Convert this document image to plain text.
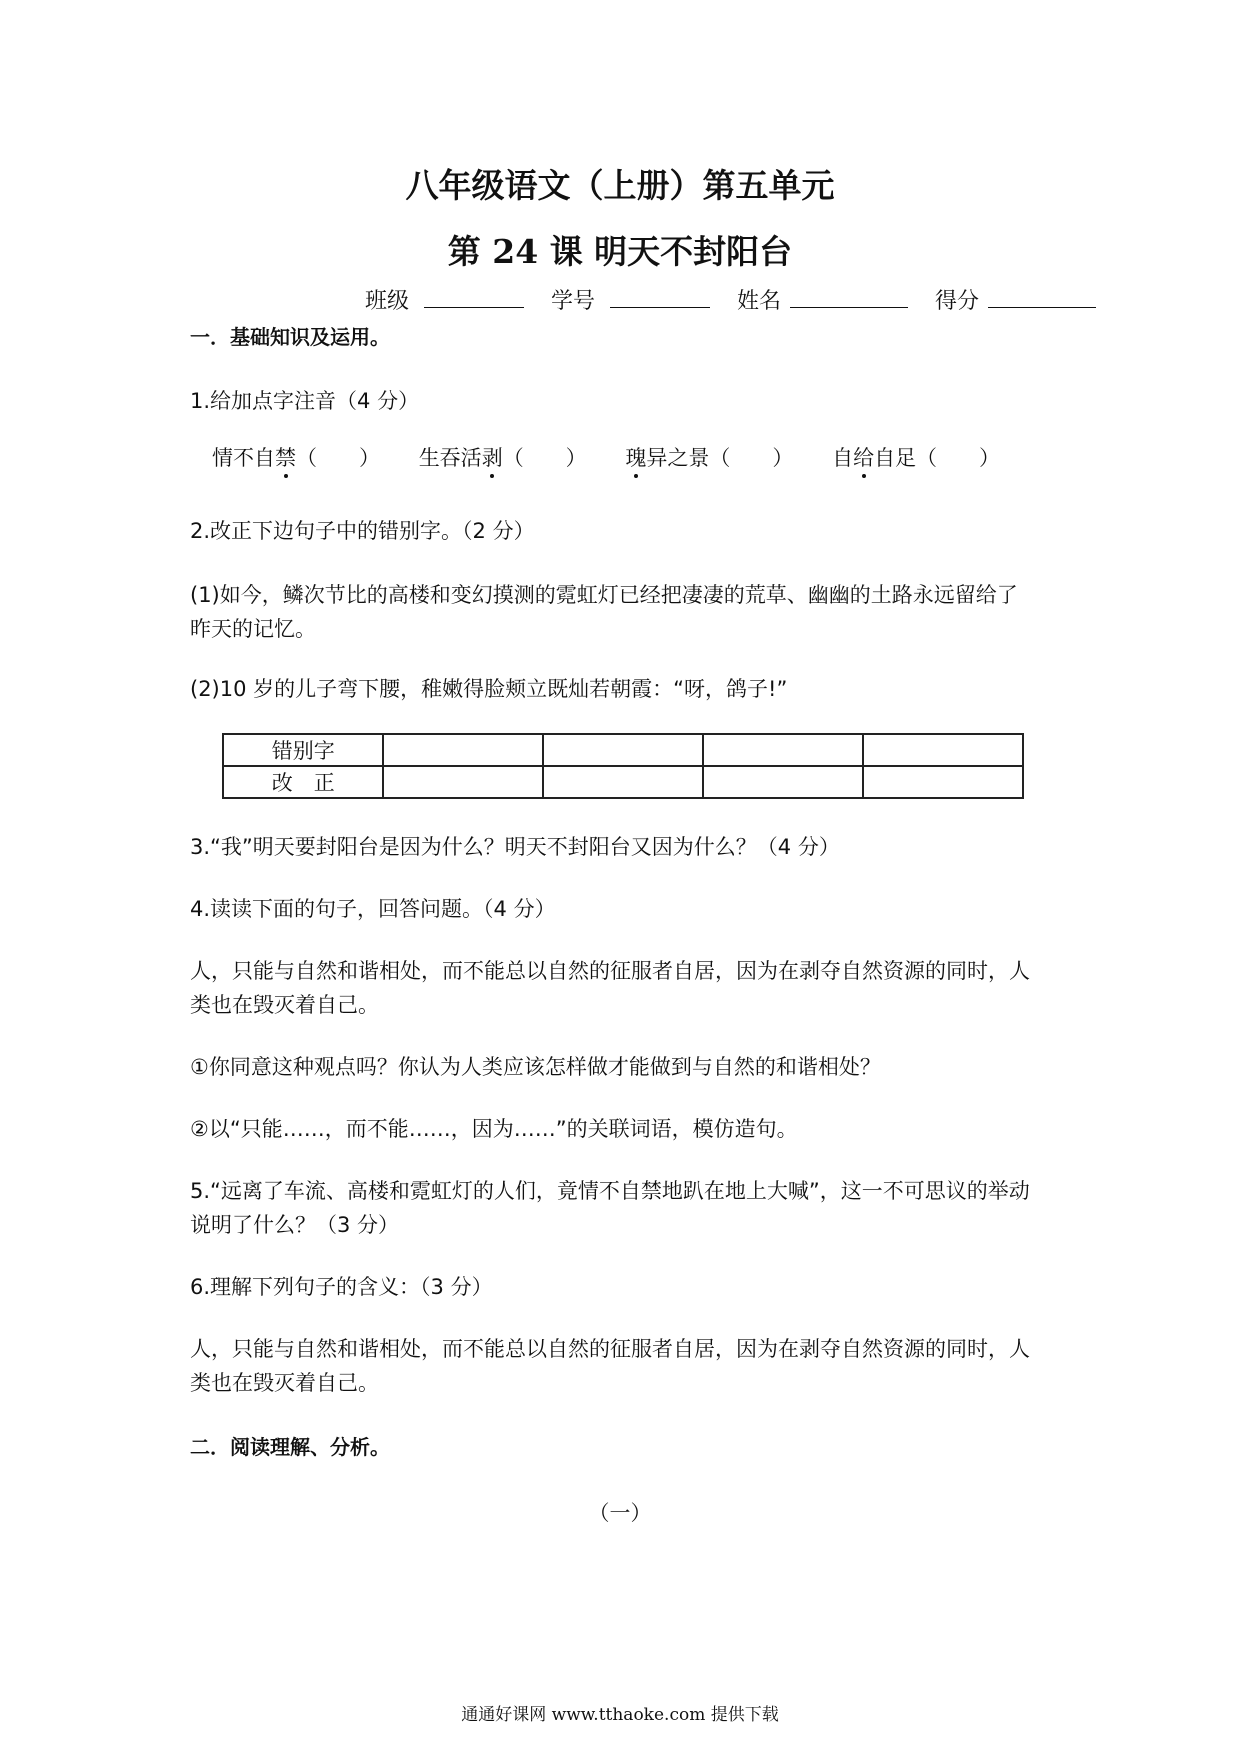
八年级语文（上册）第五单元
第 24 课 明天不封阳台
班级	学号	姓名	得分
一．基础知识及运用。
1.给加点字注音（4 分）
情不自禁（　　） 生吞活剥（　　） 瑰异之景（　　） 自给自足（　　）
2.改正下边句子中的错别字。（2 分）
(1)如今，鳞次节比的高楼和变幻摸测的霓虹灯已经把凄凄的荒草、幽幽的土路永远留给了
昨天的记忆。
(2)10 岁的儿子弯下腰，稚嫩得脸颊立既灿若朝霞：“呀，鸽子!”
错别字				
改　正				
3.“我”明天要封阳台是因为什么？明天不封阳台又因为什么？（4 分）
4.读读下面的句子，回答问题。（4 分）
人，只能与自然和谐相处，而不能总以自然的征服者自居，因为在剥夺自然资源的同时，人
类也在毁灭着自己。
①你同意这种观点吗？你认为人类应该怎样做才能做到与自然的和谐相处？
②以“只能……，而不能……，因为……”的关联词语，模仿造句。
5.“远离了车流、高楼和霓虹灯的人们，竟情不自禁地趴在地上大喊”，这一不可思议的举动
说明了什么？（3 分）
6.理解下列句子的含义：（3 分）
人，只能与自然和谐相处，而不能总以自然的征服者自居，因为在剥夺自然资源的同时，人
类也在毁灭着自己。
二．阅读理解、分析。
（一）
通通好课网 www.tthaoke.com 提供下载
